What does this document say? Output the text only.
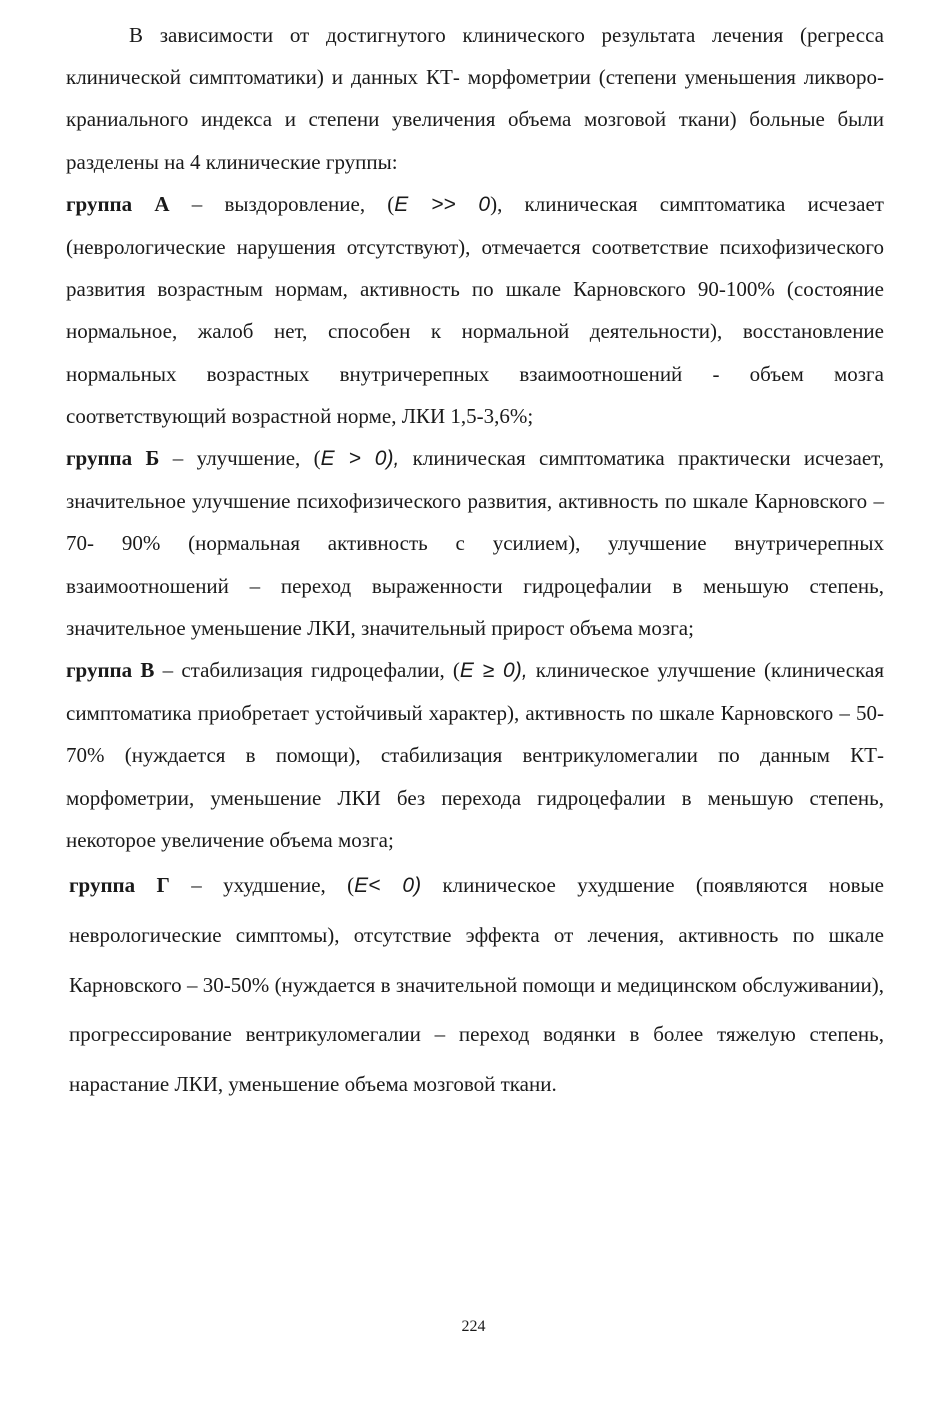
В зависимости от достигнутого клинического результата лечения (регресса клинической симптоматики) и данных КТ- морфометрии (степени уменьшения ликворо-краниального индекса и степени увеличения объема мозговой ткани) больные были разделены на 4 клинические группы:

группа А – выздоровление, (E >> 0), клиническая симптоматика исчезает (неврологические нарушения отсутствуют), отмечается соответствие психофизического развития возрастным нормам, активность по шкале Карновского 90-100% (состояние нормальное, жалоб нет, способен к нормальной деятельности), восстановление нормальных возрастных внутричерепных взаимоотношений - объем мозга соответствующий возрастной норме, ЛКИ 1,5-3,6%;

группа Б – улучшение, (E > 0), клиническая симптоматика практически исчезает, значительное улучшение психофизического развития, активность по шкале Карновского – 70- 90% (нормальная активность с усилием), улучшение внутричерепных взаимоотношений – переход выраженности гидроцефалии в меньшую степень, значительное уменьшение ЛКИ, значительный прирост объема мозга;

группа В – стабилизация гидроцефалии, (E ≥ 0), клиническое улучшение (клиническая симптоматика приобретает устойчивый характер), активность по шкале Карновского – 50-70% (нуждается в помощи), стабилизация вентрикуломегалии по данным КТ- морфометрии, уменьшение ЛКИ без перехода гидроцефалии в меньшую степень, некоторое увеличение объема мозга;

группа Г – ухудшение, (E< 0) клиническое ухудшение (появляются новые неврологические симптомы), отсутствие эффекта от лечения, активность по шкале Карновского – 30-50% (нуждается в значительной помощи и медицинском обслуживании), прогрессирование вентрикуломегалии – переход водянки в более тяжелую степень, нарастание ЛКИ, уменьшение объема мозговой ткани.

224
